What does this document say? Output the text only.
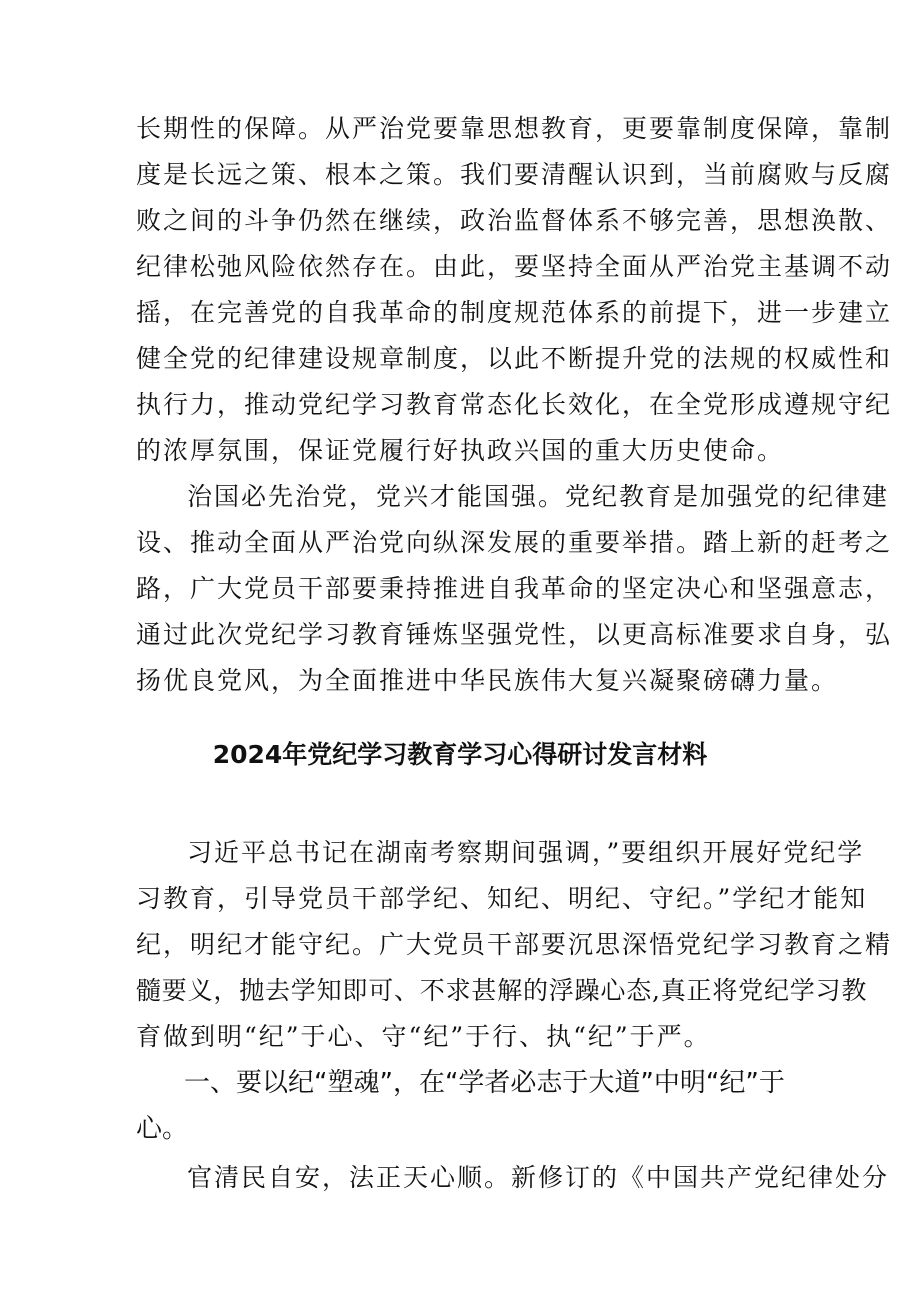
长期性的保障。从严治党要靠思想教育，更要靠制度保障，靠制
度是长远之策、根本之策。我们要清醒认识到，当前腐败与反腐
败之间的斗争仍然在继续，政治监督体系不够完善，思想涣散、
纪律松弛风险依然存在。由此，要坚持全面从严治党主基调不动
摇，在完善党的自我革命的制度规范体系的前提下，进一步建立
健全党的纪律建设规章制度，以此不断提升党的法规的权威性和
执行力，推动党纪学习教育常态化长效化，在全党形成遵规守纪
的浓厚氛围，保证党履行好执政兴国的重大历史使命。
治国必先治党，党兴才能国强。党纪教育是加强党的纪律建
设、推动全面从严治党向纵深发展的重要举措。踏上新的赶考之
路，广大党员干部要秉持推进自我革命的坚定决心和坚强意志，
通过此次党纪学习教育锤炼坚强党性，以更高标准要求自身，弘
扬优良党风，为全面推进中华民族伟大复兴凝聚磅礴力量。
2024年党纪学习教育学习心得研讨发言材料
习近平总书记在湖南考察期间强调，”要组织开展好党纪学
习教育，引导党员干部学纪、知纪、明纪、守纪。”学纪才能知
纪，明纪才能守纪。广大党员干部要沉思深悟党纪学习教育之精
髓要义，抛去学知即可、不求甚解的浮躁心态,真正将党纪学习教
育做到明“纪”于心、守“纪”于行、执“纪”于严。
一、要以纪“塑魂”，在“学者必志于大道”中明“纪”于
心。
官清民自安，法正天心顺。新修订的《中国共产党纪律处分
